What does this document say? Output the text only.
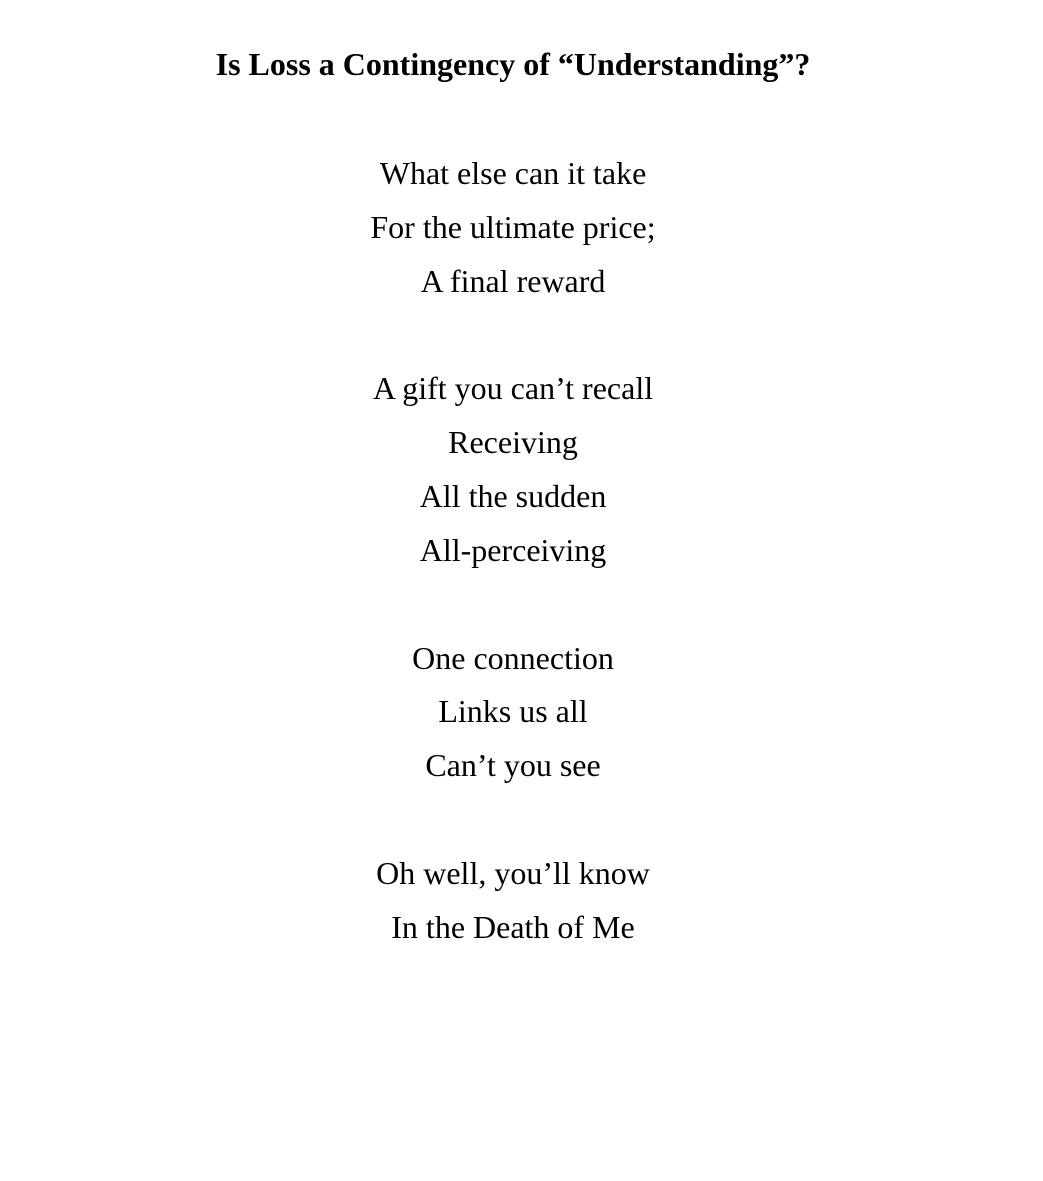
Is Loss a Contingency of “Understanding”?
What else can it take
For the ultimate price;
A final reward
A gift you can’t recall
Receiving
All the sudden
All-perceiving
One connection
Links us all
Can’t you see
Oh well, you’ll know
In the Death of Me
